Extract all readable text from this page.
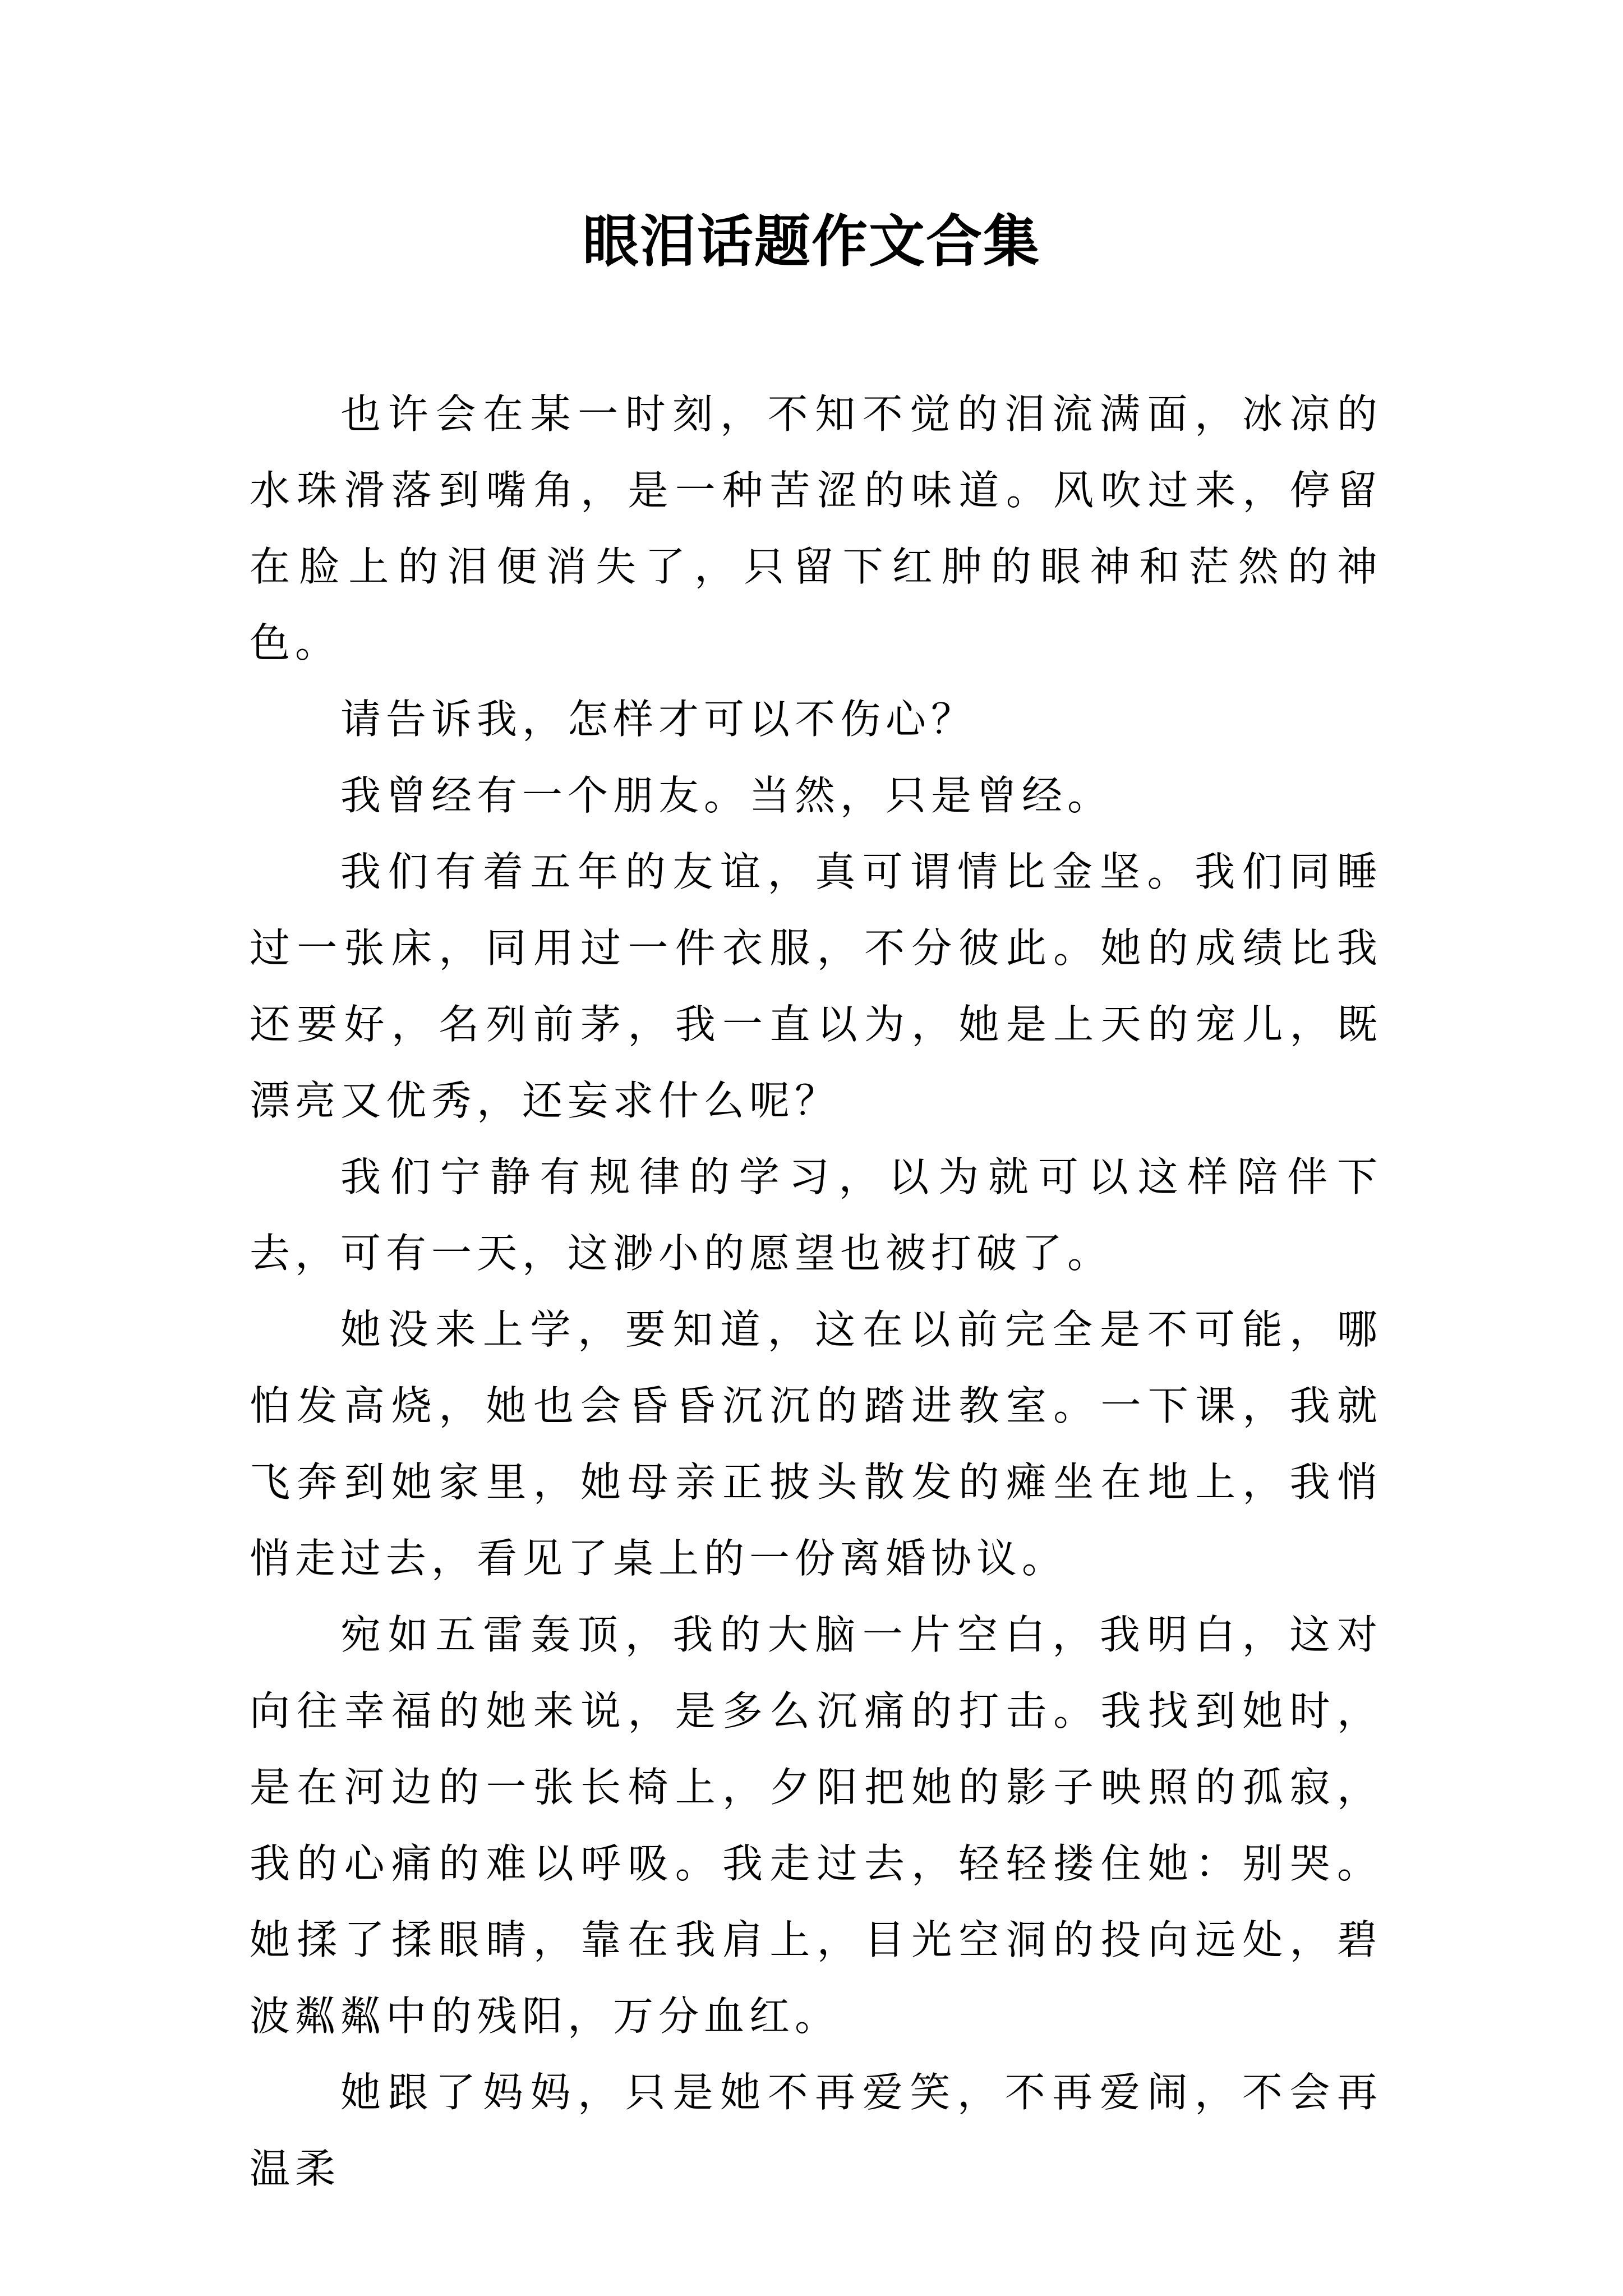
眼泪话题作文合集

也许会在某一时刻，不知不觉的泪流满面，冰凉的水珠滑落到嘴角，是一种苦涩的味道。风吹过来，停留在脸上的泪便消失了，只留下红肿的眼神和茫然的神色。

请告诉我，怎样才可以不伤心？

我曾经有一个朋友。当然，只是曾经。

我们有着五年的友谊，真可谓情比金坚。我们同睡过一张床，同用过一件衣服，不分彼此。她的成绩比我还要好，名列前茅，我一直以为，她是上天的宠儿，既漂亮又优秀，还妄求什么呢？

我们宁静有规律的学习，以为就可以这样陪伴下去，可有一天，这渺小的愿望也被打破了。

她没来上学，要知道，这在以前完全是不可能，哪怕发高烧，她也会昏昏沉沉的踏进教室。一下课，我就飞奔到她家里，她母亲正披头散发的瘫坐在地上，我悄悄走过去，看见了桌上的一份离婚协议。

宛如五雷轰顶，我的大脑一片空白，我明白，这对向往幸福的她来说，是多么沉痛的打击。我找到她时，是在河边的一张长椅上，夕阳把她的影子映照的孤寂，我的心痛的难以呼吸。我走过去，轻轻搂住她：别哭。她揉了揉眼睛，靠在我肩上，目光空洞的投向远处，碧波粼粼中的残阳，万分血红。

她跟了妈妈，只是她不再爱笑，不再爱闹，不会再温柔
